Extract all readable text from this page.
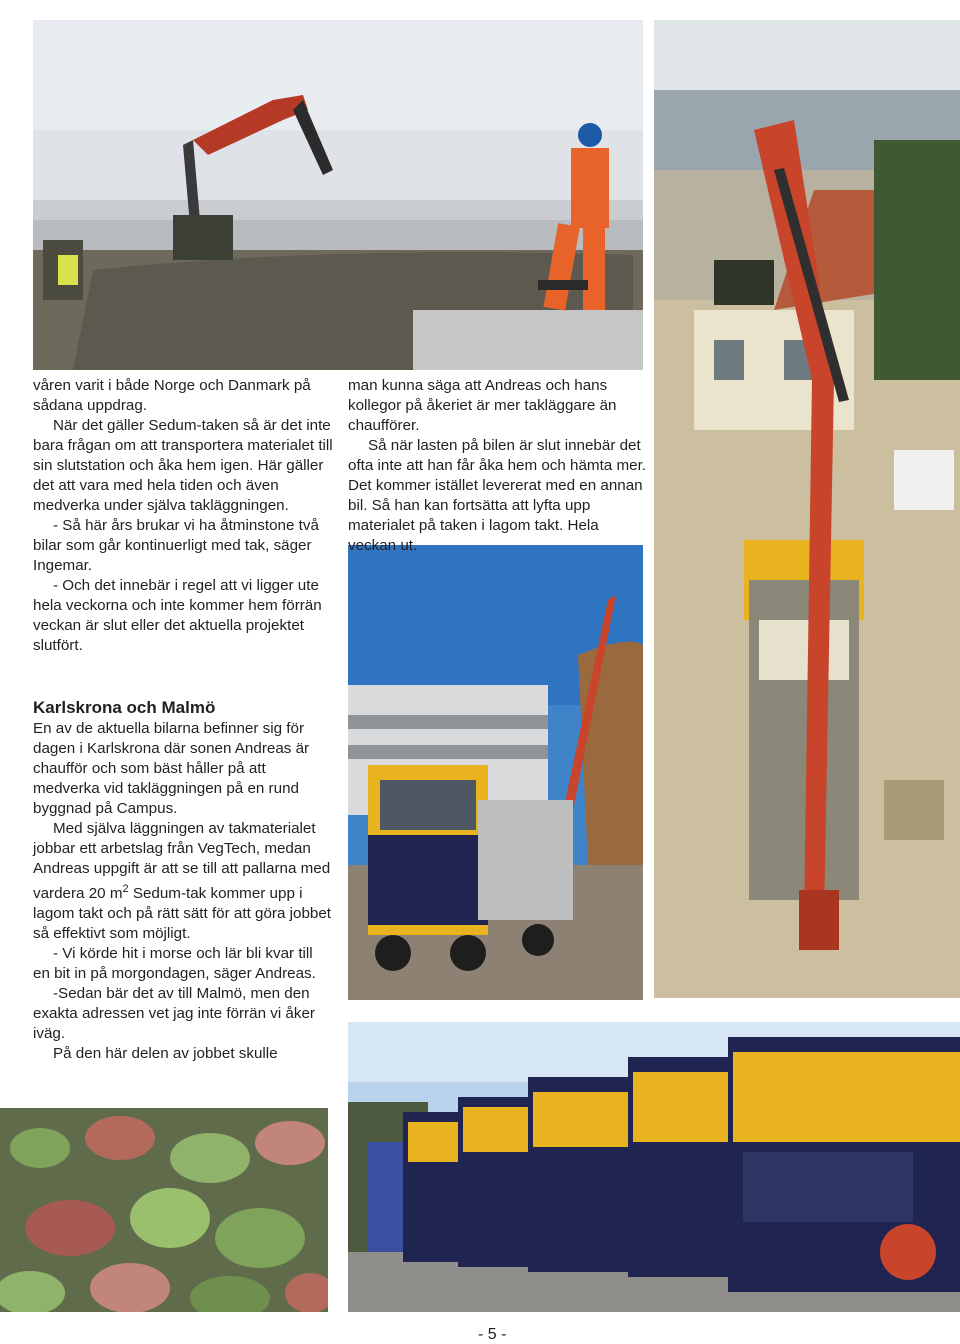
våren varit i både Norge och Danmark på sådana uppdrag.

När det gäller Sedum-taken så är det inte bara frågan om att transportera materialet till sin slutstation och åka hem igen. Här gäller det att vara med hela tiden och även medverka under själva takläggningen.

- Så här års brukar vi ha åtminstone två bilar som går kontinuerligt med tak, säger Ingemar.

- Och det innebär i regel att vi ligger ute hela veckorna och inte kommer hem förrän veckan är slut eller det aktuella projektet slutfört.

Karlskrona och Malmö

En av de aktuella bilarna befinner sig för dagen i Karlskrona där sonen Andreas är chaufför och som bäst håller på att medverka vid takläggningen på en rund byggnad på Campus.

Med själva läggningen av takmaterialet jobbar ett arbetslag från VegTech, medan Andreas uppgift är att se till att pallarna med vardera 20 $m^2$ Sedum-tak kommer upp i lagom takt och på rätt sätt för att göra jobbet så effektivt som möjligt.

- Vi körde hit i morse och lär bli kvar till en bit in på morgondagen, säger Andreas.

-Sedan bär det av till Malmö, men den exakta adressen vet jag inte förrän vi åker iväg.

På den här delen av jobbet skulle

man kunna säga att Andreas och hans kollegor på åkeriet är mer takläggare än chaufförer.

Så när lasten på bilen är slut innebär det ofta inte att han får åka hem och hämta mer. Det kommer istället levererat med en annan bil. Så han kan fortsätta att lyfta upp materialet på taken i lagom takt. Hela veckan ut.

- 5 -
